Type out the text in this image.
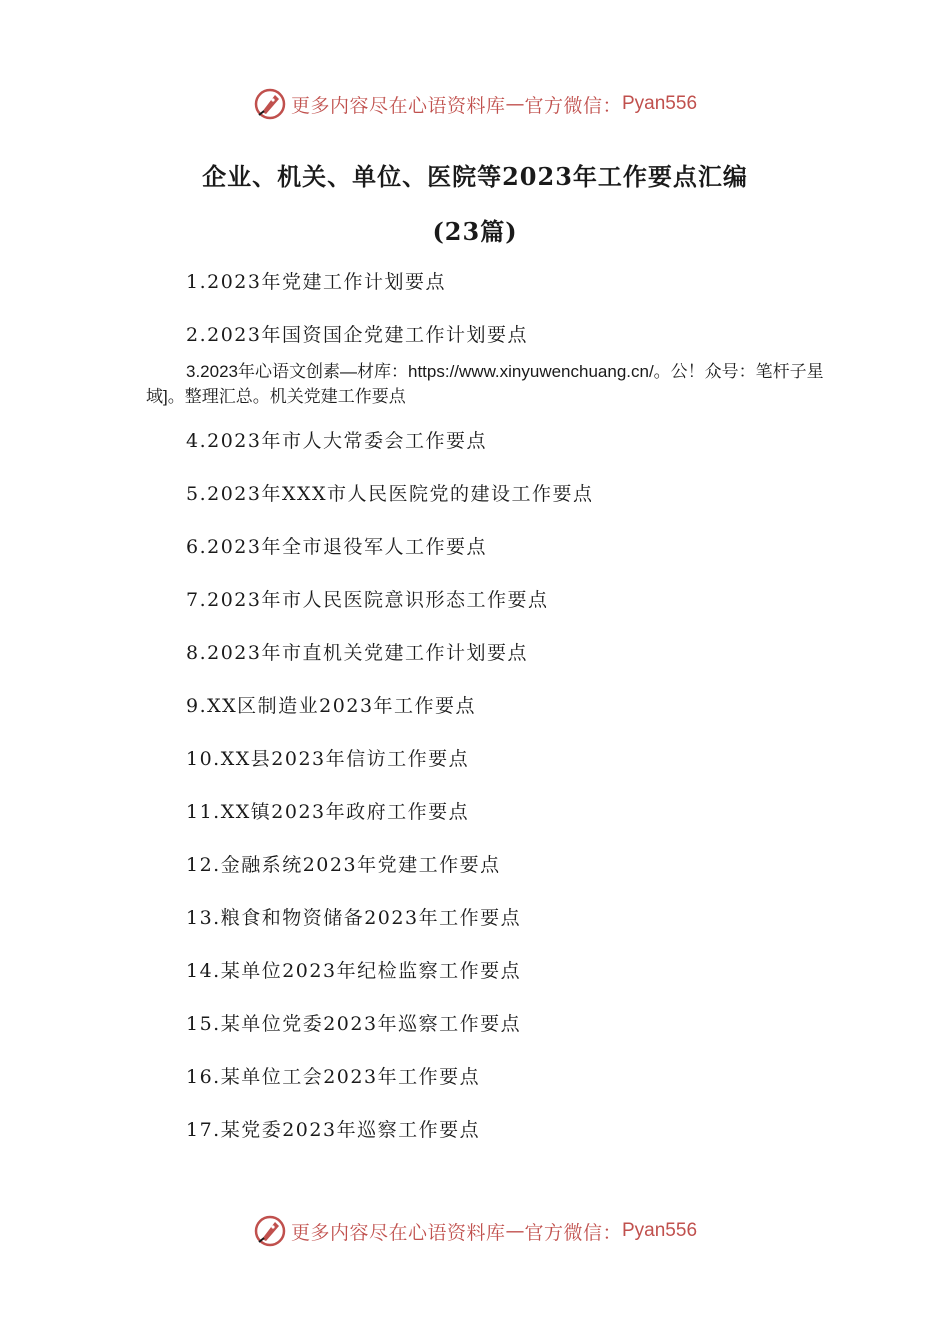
更多内容尽在心语资料库 — 官方微信： Pyan556
企业、机关、单位、医院等2023年工作要点汇编
(23篇)
1.2023年党建工作计划要点
2.2023年国资国企党建工作计划要点
3.2023年心语文创素—材库：https://www.xinyuwenchuang.cn/。公！众号：笔杆子星域]。整理汇总。机关党建工作要点
4.2023年市人大常委会工作要点
5.2023年XXX市人民医院党的建设工作要点
6.2023年全市退役军人工作要点
7.2023年市人民医院意识形态工作要点
8.2023年市直机关党建工作计划要点
9.XX区制造业2023年工作要点
10.XX县2023年信访工作要点
11.XX镇2023年政府工作要点
12.金融系统2023年党建工作要点
13.粮食和物资储备2023年工作要点
14.某单位2023年纪检监察工作要点
15.某单位党委2023年巡察工作要点
16.某单位工会2023年工作要点
17.某党委2023年巡察工作要点
更多内容尽在心语资料库 — 官方微信： Pyan556
